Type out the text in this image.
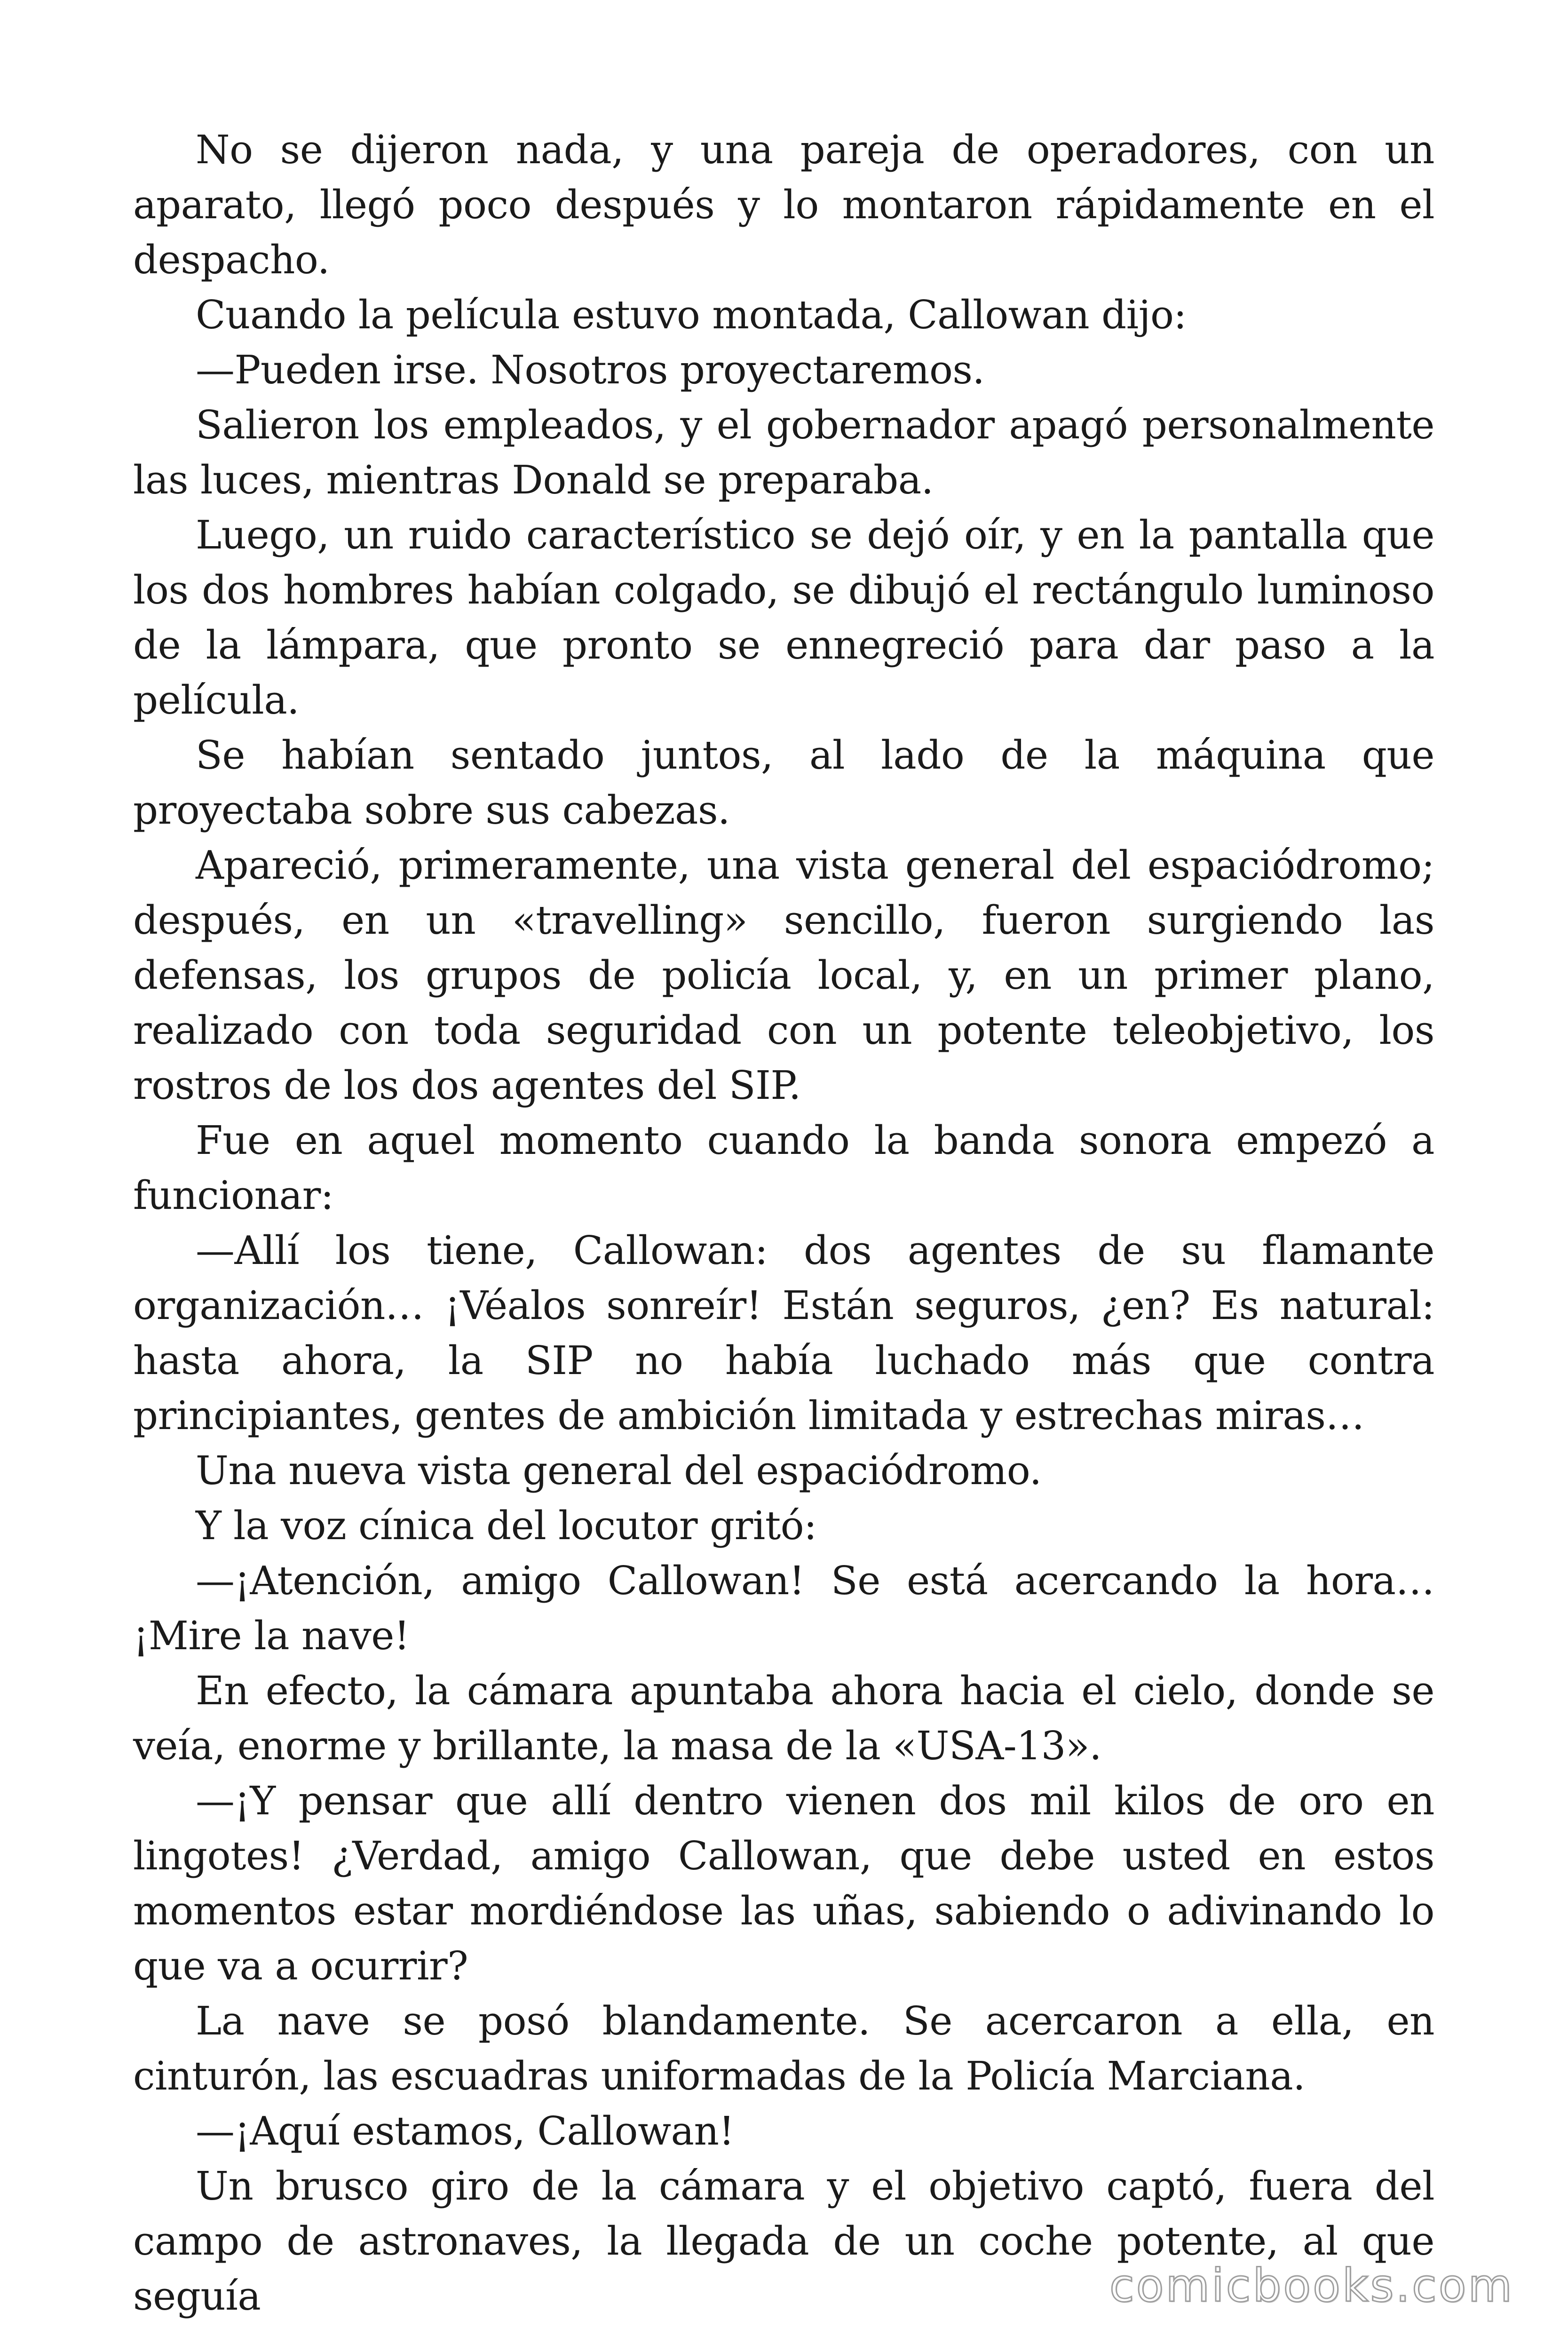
No se dijeron nada, y una pareja de operadores, con un aparato, llegó poco después y lo montaron rápidamente en el despacho.

Cuando la película estuvo montada, Callowan dijo:

—Pueden irse. Nosotros proyectaremos.

Salieron los empleados, y el gobernador apagó personalmente las luces, mientras Donald se preparaba.

Luego, un ruido característico se dejó oír, y en la pantalla que los dos hombres habían colgado, se dibujó el rectángulo luminoso de la lámpara, que pronto se ennegreció para dar paso a la película.

Se habían sentado juntos, al lado de la máquina que proyectaba sobre sus cabezas.

Apareció, primeramente, una vista general del espaciódromo; después, en un «travelling» sencillo, fueron surgiendo las defensas, los grupos de policía local, y, en un primer plano, realizado con toda seguridad con un potente teleobjetivo, los rostros de los dos agentes del SIP.

Fue en aquel momento cuando la banda sonora empezó a funcionar:

—Allí los tiene, Callowan: dos agentes de su flamante organización… ¡Véalos sonreír! Están seguros, ¿en? Es natural: hasta ahora, la SIP no había luchado más que contra principiantes, gentes de ambición limitada y estrechas miras…

Una nueva vista general del espaciódromo.

Y la voz cínica del locutor gritó:

—¡Atención, amigo Callowan! Se está acercando la hora… ¡Mire la nave!

En efecto, la cámara apuntaba ahora hacia el cielo, donde se veía, enorme y brillante, la masa de la «USA-13».

—¡Y pensar que allí dentro vienen dos mil kilos de oro en lingotes! ¿Verdad, amigo Callowan, que debe usted en estos momentos estar mordiéndose las uñas, sabiendo o adivinando lo que va a ocurrir?

La nave se posó blandamente. Se acercaron a ella, en cinturón, las escuadras uniformadas de la Policía Marciana.

—¡Aquí estamos, Callowan!

Un brusco giro de la cámara y el objetivo captó, fuera del campo de astronaves, la llegada de un coche potente, al que seguía	comicbooks.com
